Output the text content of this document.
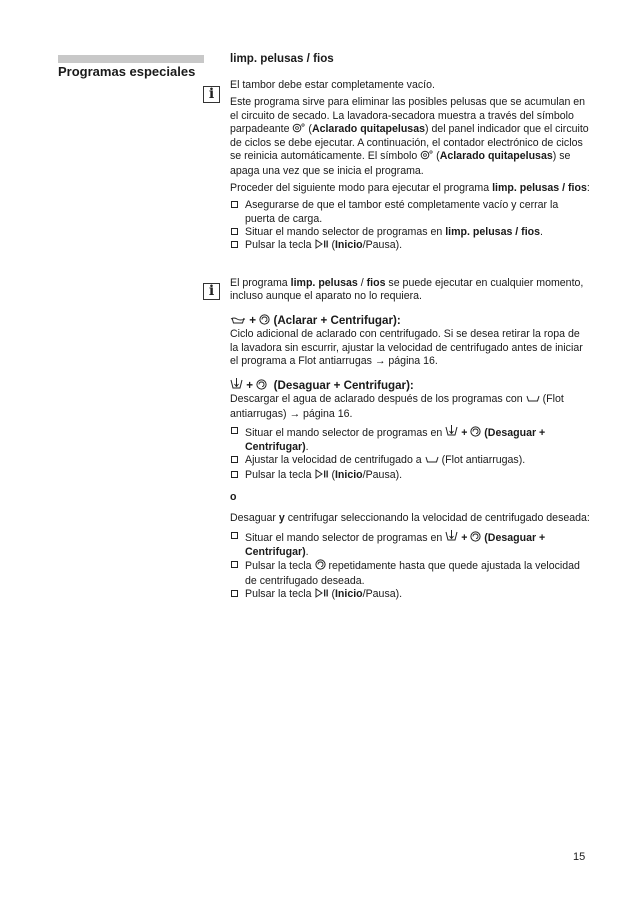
Programas especiales
limp. pelusas / fios
i

El tambor debe estar completamente vacío.

Este programa sirve para eliminar las posibles pelusas que se acumulan en el circuito de secado. La lavadora-secadora muestra a través del símbolo parpadeante  (Aclarado quitapelusas) del panel indicador que el circuito de ciclos se debe ejecutar. A continuación, el contador electrónico de ciclos se reinicia automáticamente. El símbolo  (Aclarado quitapelusas) se apaga una vez que se inicia el programa.

Proceder del siguiente modo para ejecutar el programa limp. pelusas / fios:

Asegurarse de que el tambor esté completamente vacío y cerrar la puerta de carga.
Situar el mando selector de programas en limp. pelusas / fios.
Pulsar la tecla  (Inicio/Pausa).
i	El programa limp. pelusas / fios se puede ejecutar en cualquier momento, incluso aunque el aparato no lo requiera.

+  (Aclarar + Centrifugar):

Ciclo adicional de aclarado con centrifugado. Si se desea retirar la ropa de la lavadora sin escurrir, ajustar la velocidad de centrifugado antes de iniciar el programa a Flot antiarrugas → página 16.

+   (Desaguar + Centrifugar):

Descargar el agua de aclarado después de los programas con (Flot antiarrugas) → página 16.

Situar el mando selector de programas en + (Desaguar + Centrifugar).
Ajustar la velocidad de centrifugado a (Flot antiarrugas).
Pulsar la tecla  (Inicio/Pausa).

o

Desaguar y centrifugar seleccionando la velocidad de centrifugado deseada:

Situar el mando selector de programas en + (Desaguar + Centrifugar).
Pulsar la tecla repetidamente hasta que quede ajustada la velocidad de centrifugado deseada.
Pulsar la tecla  (Inicio/Pausa).

15
